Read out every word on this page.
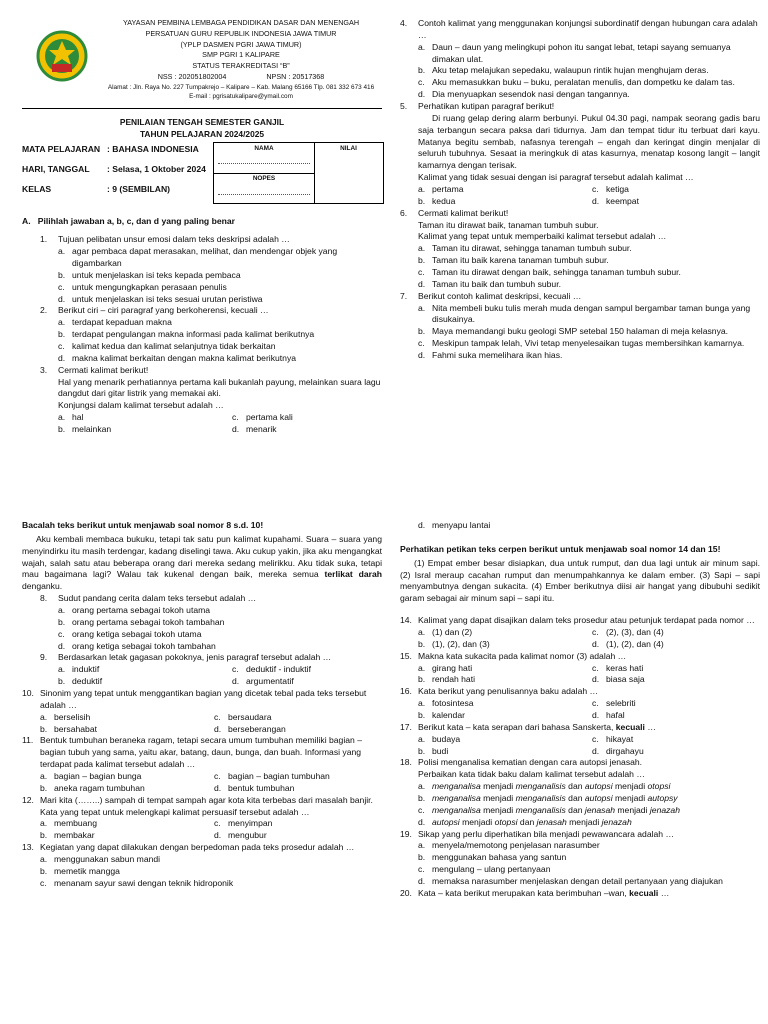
YAYASAN PEMBINA LEMBAGA PENDIDIKAN DASAR DAN MENENGAH
PERSATUAN GURU REPUBLIK INDONESIA JAWA TIMUR
(YPLP DASMEN PGRI JAWA TIMUR)
SMP PGRI 1 KALIPARE
STATUS TERAKREDITASI “B”
NSS : 202051802004                    NPSN : 20517368
Alamat : Jln. Raya No. 227 Tumpakrejo – Kalipare – Kab. Malang 65166 Tlp. 081 332 673 416
E-mail : pgrisatukalipare@ymail.com
PENILAIAN TENGAH SEMESTER GANJIL
TAHUN PELAJARAN 2024/2025
MATA PELAJARAN : BAHASA INDONESIA
HARI, TANGGAL : Selasa, 1 Oktober 2024
KELAS	: 9 (SEMBILAN)
NAMA	NILAI
NOPES
A.   Pilihlah jawaban a, b, c, dan d yang paling benar
1.	Tujuan pelibatan unsur emosi dalam teks deskripsi adalah …

a. agar pembaca dapat merasakan, melihat, dan mendengar objek yang digambarkan
b. untuk menjelaskan isi teks kepada pembaca
c. untuk mengungkapkan perasaan penulis
d. untuk menjelaskan isi teks sesuai urutan peristiwa
2.	Berikut ciri – ciri paragraf yang berkoherensi, kecuali …

a. terdapat kepaduan makna
b. terdapat pengulangan makna informasi pada kalimat berikutnya
c. kalimat kedua dan kalimat selanjutnya tidak berkaitan
d. makna kalimat berkaitan dengan makna kalimat berikutnya
3.	Cermati kalimat berikut!

Hal yang menarik perhatiannya pertama kali bukanlah payung, melainkan suara lagu dangdut dari gitar listrik yang memakai aki.

Konjungsi dalam kalimat tersebut adalah …

a. hal	c. pertama kali
b. melainkan	d. menarik
4.	Contoh kalimat yang menggunakan konjungsi subordinatif dengan hubungan cara adalah …

a. Daun – daun yang melingkupi pohon itu sangat lebat, tetapi sayang semuanya dimakan ulat.
b. Aku tetap melajukan sepedaku, walaupun rintik hujan menghujam deras.
c. Aku memasukkan buku – buku, peralatan menulis, dan dompetku ke dalam tas.
d. Dia menyuapkan sesendok nasi dengan tangannya.
5.	Perhatikan kutipan paragraf berikut!

Di ruang gelap dering alarm berbunyi. Pukul 04.30 pagi, nampak seorang gadis baru saja terbangun secara paksa dari tidurnya. Jam dan tempat tidur itu terbuat dari kayu. Matanya begitu sembab, nafasnya terengah – engah dan keringat dingin menjalar di seluruh tubuhnya. Sesaat ia meringkuk di atas kasurnya, menatap kosong langit – langit kamarnya dengan terisak.

Kalimat yang tidak sesuai dengan isi paragraf tersebut adalah kalimat …

a. pertama	c. ketiga
b. kedua	d. keempat
6.	Cermati kalimat berikut!

Taman itu dirawat baik, tanaman tumbuh subur.

Kalimat yang tepat untuk memperbaiki kalimat tersebut adalah …

a. Taman itu dirawat, sehingga tanaman tumbuh subur.
b. Taman itu baik karena tanaman tumbuh subur.
c. Taman itu dirawat dengan baik, sehingga tanaman tumbuh subur.
d. Taman itu baik dan tumbuh subur.
7.	Berikut contoh kalimat deskripsi, kecuali …

a. Nita membeli buku tulis merah muda dengan sampul bergambar taman bunga yang disukainya.
b. Maya memandangi buku geologi SMP setebal 150 halaman di meja kelasnya.
c. Meskipun tampak lelah, Vivi tetap menyelesaikan tugas membersihkan kamarnya.
d. Fahmi suka memelihara ikan hias.

Bacalah teks berikut untuk menjawab soal nomor 8 s.d. 10!

Aku kembali membaca bukuku, tetapi tak satu pun kalimat kupahami. Suara – suara yang menyindirku itu masih terdengar, kadang diselingi tawa. Aku cukup yakin, jika aku mengangkat wajah, salah satu atau beberapa orang dari mereka sedang melirikku. Aku tidak suka, tetapi mau bagaimana lagi? Walau tak kukenal dengan baik, mereka semua terlikat darah denganku.

8.	Sudut pandang cerita dalam teks tersebut adalah …

a. orang pertama sebagai tokoh utama
b. orang pertama sebagai tokoh tambahan
c. orang ketiga sebagai tokoh utama
d. orang ketiga sebagai tokoh tambahan
9.	Berdasarkan letak gagasan pokoknya, jenis paragraf tersebut adalah …

a. induktif	c. deduktif - induktif
b. deduktif	d. argumentatif
10. Sinonim yang tepat untuk menggantikan bagian yang dicetak tebal pada teks tersebut adalah …

a. berselisih	c. bersaudara
b. bersahabat	d. berseberangan
11. Bentuk tumbuhan beraneka ragam, tetapi secara umum tumbuhan memiliki bagian – bagian tubuh yang sama, yaitu akar, batang, daun, bunga, dan buah. Informasi yang terdapat pada kalimat tersebut adalah …

a. bagian – bagian bunga	c. bagian – bagian tumbuhan
b. aneka ragam tumbuhan	d. bentuk tumbuhan
12. Mari kita (……..) sampah di tempat sampah agar kota kita terbebas dari masalah banjir.

Kata yang tepat untuk melengkapi kalimat persuasif tersebut adalah …

a. membuang	c. menyimpan
b. membakar	d. mengubur
13. Kegiatan yang dapat dilakukan dengan berpedoman pada teks prosedur adalah …

a. menggunakan sabun mandi
b. memetik mangga
c. menanam sayur sawi dengan teknik hidroponik
d. menyapu lantai

Perhatikan petikan teks cerpen berikut untuk menjawab soal nomor 14 dan 15!

(1) Empat ember besar disiapkan, dua untuk rumput, dan dua lagi untuk air minum sapi. (2) Isral meraup cacahan rumput dan menumpahkannya ke dalam ember. (3) Sapi – sapi menyambutnya dengan sukacita. (4) Ember berikutnya diisi air hangat yang dibubuhi sedikit garam sebagai air minum sapi – sapi itu.

14. Kalimat yang dapat disajikan dalam teks prosedur atau petunjuk terdapat pada nomor …

a. (1) dan (2)	c. (2), (3), dan (4)
b. (1), (2), dan (3)	d. (1), (2), dan (4)
15. Makna kata sukacita pada kalimat nomor (3) adalah …

a. girang hati	c. keras hati
b. rendah hati	d. biasa saja
16. Kata berikut yang penulisannya baku adalah …

a. fotosintesa	c. selebriti
b. kalendar	d. hafal
17. Berikut kata – kata serapan dari bahasa Sanskerta, kecuali …

a. budaya	c. hikayat
b. budi	d. dirgahayu
18. Polisi menganalisa kematian dengan cara autopsi jenasah.

Perbaikan kata tidak baku dalam kalimat tersebut adalah …

a. menganalisa menjadi menganalisis dan autopsi menjadi otopsi
b. menganalisa menjadi menganalisis dan autopsi menjadi autopsy
c. menganalisa menjadi menganalisis dan jenasah menjadi jenazah
d. autopsi menjadi otopsi dan jenasah menjadi jenazah
19. Sikap yang perlu diperhatikan bila menjadi pewawancara adalah …

a. menyela/memotong penjelasan narasumber
b. menggunakan bahasa yang santun
c. mengulang – ulang pertanyaan
d. memaksa narasumber menjelaskan dengan detail pertanyaan yang diajukan
20. Kata – kata berikut merupakan kata berimbuhan –wan, kecuali …
